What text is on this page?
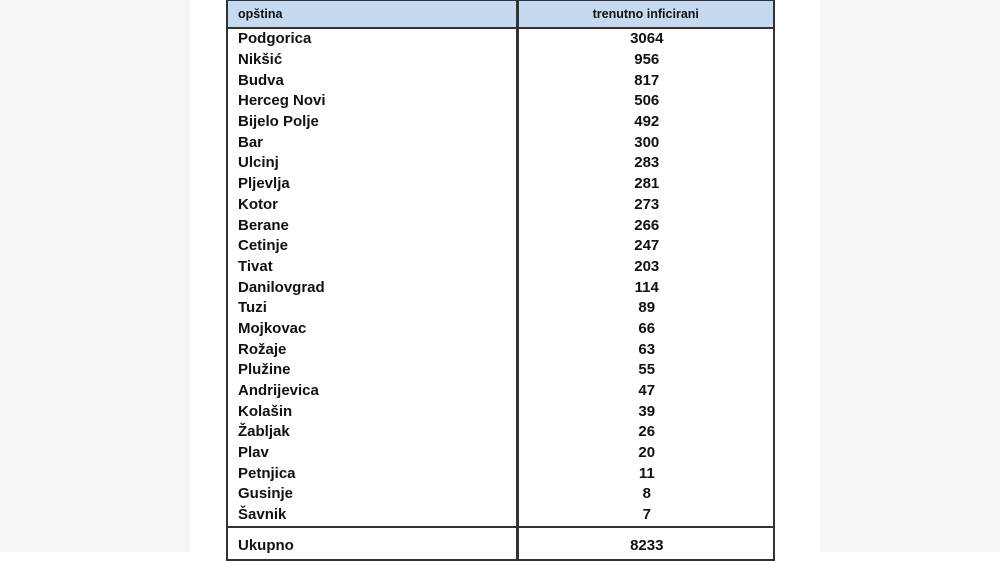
opština	trenutno inficirani
Podgorica	3064
Nikšić	956
Budva	817
Herceg Novi	506
Bijelo Polje	492
Bar	300
Ulcinj	283
Pljevlja	281
Kotor	273
Berane	266
Cetinje	247
Tivat	203
Danilovgrad	114
Tuzi	89
Mojkovac	66
Rožaje	63
Plužine	55
Andrijevica	47
Kolašin	39
Žabljak	26
Plav	20
Petnjica	11
Gusinje	8
Šavnik	7

Ukupno	8233
